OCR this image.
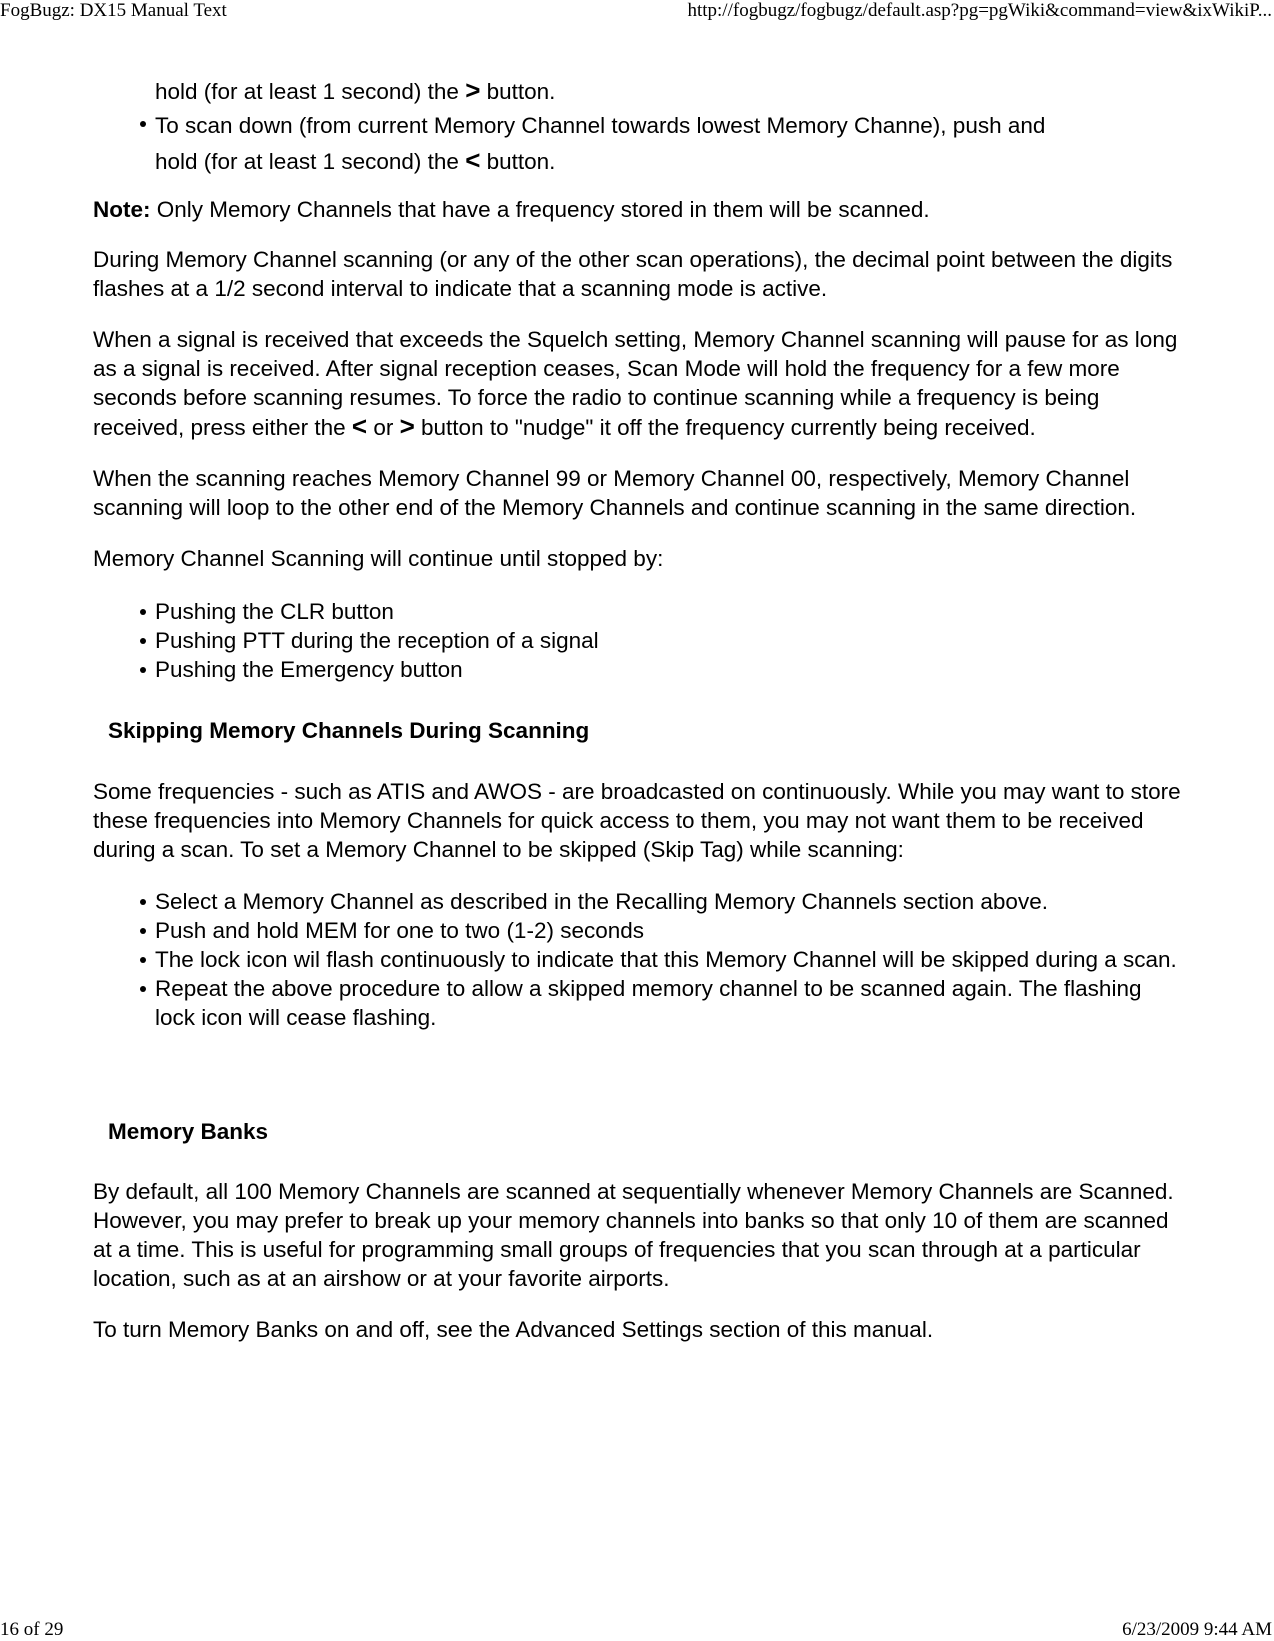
FogBugz: DX15 Manual Text	http://fogbugz/fogbugz/default.asp?pg=pgWiki&command=view&ixWikiP...
hold (for at least 1 second) the > button.
To scan down (from current Memory Channel towards lowest Memory Channe), push and
hold (for at least 1 second) the < button.

Note: Only Memory Channels that have a frequency stored in them will be scanned.

During Memory Channel scanning (or any of the other scan operations), the decimal point between the digits flashes at a 1/2 second interval to indicate that a scanning mode is active.

When a signal is received that exceeds the Squelch setting, Memory Channel scanning will pause for as long as a signal is received. After signal reception ceases, Scan Mode will hold the frequency for a few more seconds before scanning resumes. To force the radio to continue scanning while a frequency is being received, press either the < or > button to "nudge" it off the frequency currently being received.

When the scanning reaches Memory Channel 99 or Memory Channel 00, respectively, Memory Channel scanning will loop to the other end of the Memory Channels and continue scanning in the same direction.

Memory Channel Scanning will continue until stopped by:

Pushing the CLR button
Pushing PTT during the reception of a signal
Pushing the Emergency button
Skipping Memory Channels During Scanning

Some frequencies - such as ATIS and AWOS - are broadcasted on continuously. While you may want to store these frequencies into Memory Channels for quick access to them, you may not want them to be received during a scan. To set a Memory Channel to be skipped (Skip Tag) while scanning:

Select a Memory Channel as described in the Recalling Memory Channels section above.
Push and hold MEM for one to two (1-2) seconds
The lock icon wil flash continuously to indicate that this Memory Channel will be skipped during a scan.
Repeat the above procedure to allow a skipped memory channel to be scanned again. The flashing lock icon will cease flashing.
Memory Banks

By default, all 100 Memory Channels are scanned at sequentially whenever Memory Channels are Scanned. However, you may prefer to break up your memory channels into banks so that only 10 of them are scanned at a time. This is useful for programming small groups of frequencies that you scan through at a particular location, such as at an airshow or at your favorite airports.

To turn Memory Banks on and off, see the Advanced Settings section of this manual.

16 of 29	6/23/2009 9:44 AM
